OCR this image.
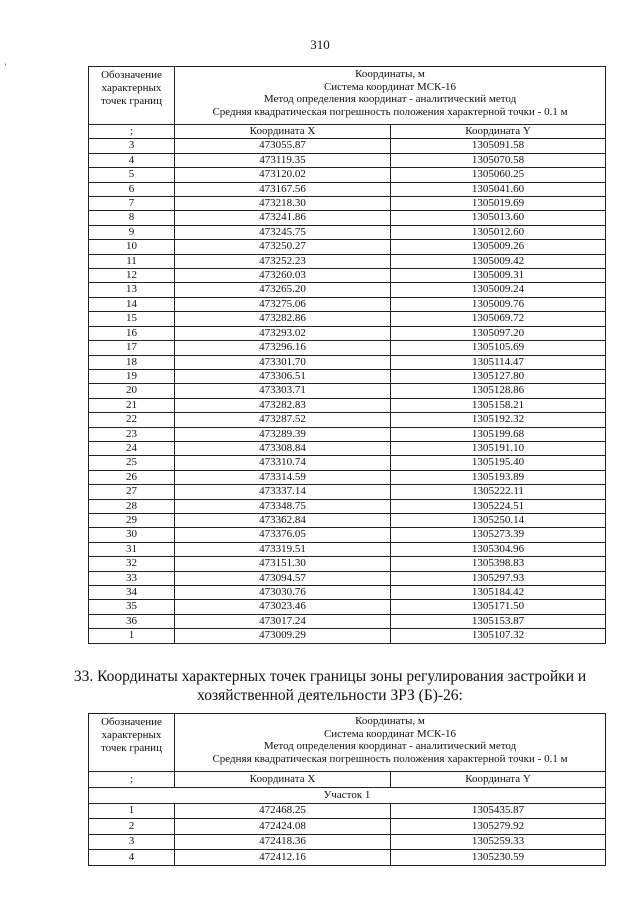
310
ʼ
Обозначение характерных точек границ	Координаты, м
Система координат МСК-16
Метод определения координат - аналитический метод
Средняя квадратическая погрешность положения характерной точки - 0.1 м	

;	Координата X	Координата Y
3	473055.87	1305091.58
4	473119.35	1305070.58
5	473120.02	1305060.25
6	473167.56	1305041.60
7	473218.30	1305019.69
8	473241.86	1305013.60
9	473245.75	1305012.60
10	473250.27	1305009.26
11	473252.23	1305009.42
12	473260.03	1305009.31
13	473265.20	1305009.24
14	473275.06	1305009.76
15	473282.86	1305069.72
16	473293.02	1305097.20
17	473296.16	1305105.69
18	473301.70	1305114.47
19	473306.51	1305127.80
20	473303.71	1305128.86
21	473282.83	1305158.21
22	473287.52	1305192.32
23	473289.39	1305199.68
24	473308.84	1305191.10
25	473310.74	1305195.40
26	473314.59	1305193.89
27	473337.14	1305222.11
28	473348.75	1305224.51
29	473362.84	1305250.14
30	473376.05	1305273.39
31	473319.51	1305304.96
32	473151.30	1305398.83
33	473094.57	1305297.93
34	473030.76	1305184.42
35	473023.46	1305171.50
36	473017.24	1305153.87
1	473009.29	1305107.32
33. Координаты характерных точек границы зоны регулирования застройки и
хозяйственной деятельности ЗРЗ (Б)-26:
Обозначение характерных точек границ	Координаты, м
Система координат МСК-16
Метод определения координат - аналитический метод
Средняя квадратическая погрешность положения характерной точки - 0.1 м	

;	Координата X	Координата Y
Участок 1		
1	472468.25	1305435.87
2	472424.08	1305279.92
3	472418.36	1305259.33
4	472412.16	1305230.59
